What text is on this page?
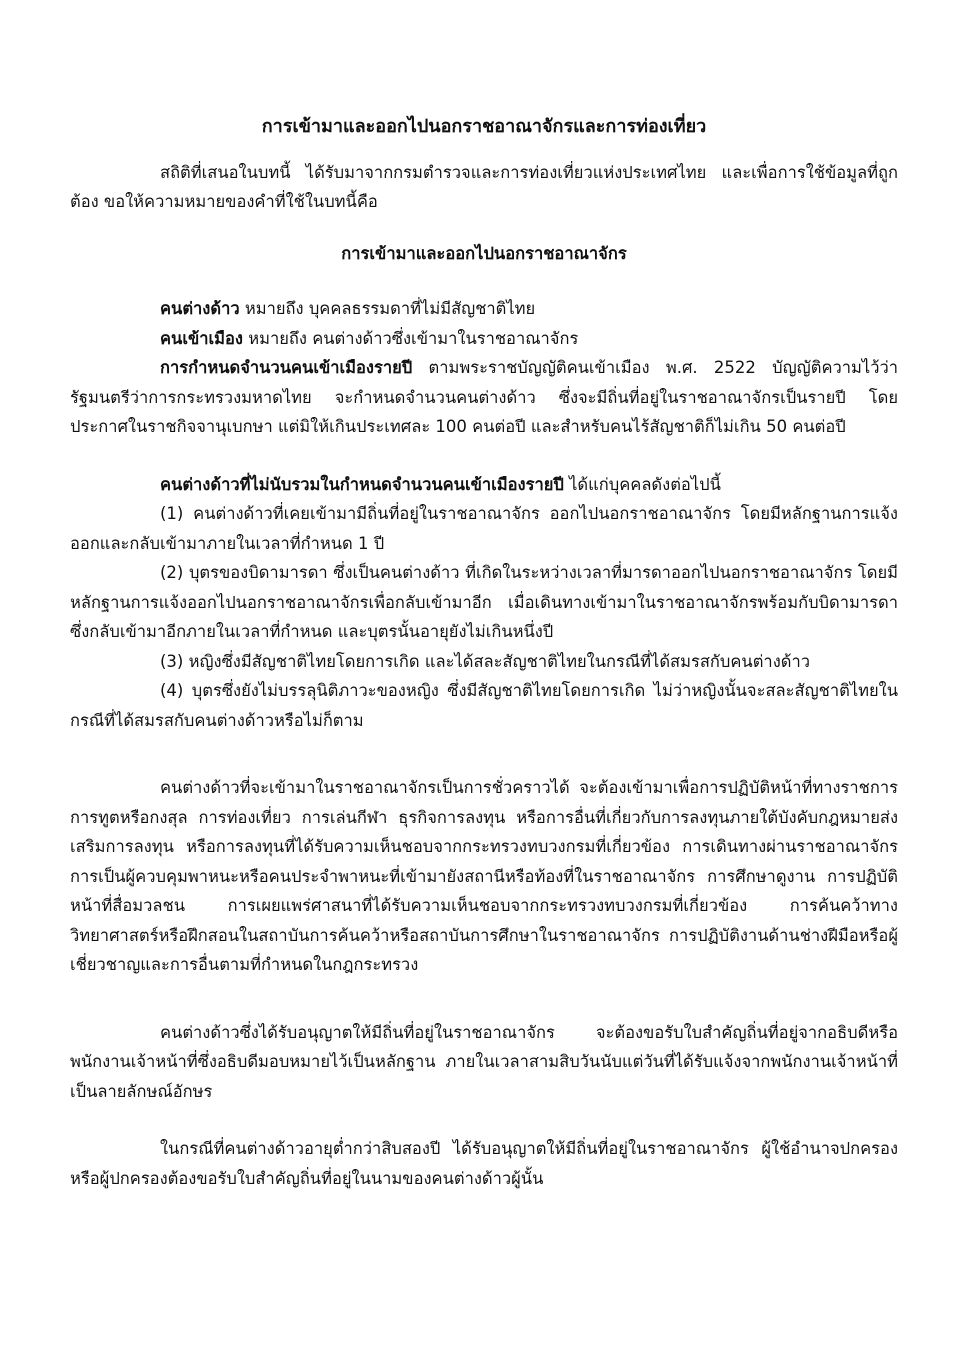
การเข้ามาและออกไปนอกราชอาณาจักรและการท่องเที่ยว

สถิติที่เสนอในบทนี้ ได้รับมาจากกรมตำรวจและการท่องเที่ยวแห่งประเทศไทย และเพื่อการใช้ข้อมูลที่ถูกต้อง ขอให้ความหมายของคำที่ใช้ในบทนี้คือ

การเข้ามาและออกไปนอกราชอาณาจักร

คนต่างด้าว หมายถึง บุคคลธรรมดาที่ไม่มีสัญชาติไทย

คนเข้าเมือง หมายถึง คนต่างด้าวซึ่งเข้ามาในราชอาณาจักร

การกำหนดจำนวนคนเข้าเมืองรายปี ตามพระราชบัญญัติคนเข้าเมือง พ.ศ. 2522 บัญญัติความไว้ว่า รัฐมนตรีว่าการกระทรวงมหาดไทย จะกำหนดจำนวนคนต่างด้าว ซึ่งจะมีถิ่นที่อยู่ในราชอาณาจักรเป็นรายปี โดยประกาศในราชกิจจานุเบกษา แต่มิให้เกินประเทศละ 100 คนต่อปี และสำหรับคนไร้สัญชาติก็ไม่เกิน 50 คนต่อปี

คนต่างด้าวที่ไม่นับรวมในกำหนดจำนวนคนเข้าเมืองรายปี ได้แก่บุคคลดังต่อไปนี้

(1) คนต่างด้าวที่เคยเข้ามามีถิ่นที่อยู่ในราชอาณาจักร ออกไปนอกราชอาณาจักร โดยมีหลักฐานการแจ้งออกและกลับเข้ามาภายในเวลาที่กำหนด 1 ปี

(2) บุตรของบิดามารดา ซึ่งเป็นคนต่างด้าว ที่เกิดในระหว่างเวลาที่มารดาออกไปนอกราชอาณาจักร โดยมีหลักฐานการแจ้งออกไปนอกราชอาณาจักรเพื่อกลับเข้ามาอีก เมื่อเดินทางเข้ามาในราชอาณาจักรพร้อมกับบิดามารดาซึ่งกลับเข้ามาอีกภายในเวลาที่กำหนด และบุตรนั้นอายุยังไม่เกินหนึ่งปี

(3) หญิงซึ่งมีสัญชาติไทยโดยการเกิด และได้สละสัญชาติไทยในกรณีที่ได้สมรสกับคนต่างด้าว

(4) บุตรซึ่งยังไม่บรรลุนิติภาวะของหญิง ซึ่งมีสัญชาติไทยโดยการเกิด ไม่ว่าหญิงนั้นจะสละสัญชาติไทยในกรณีที่ได้สมรสกับคนต่างด้าวหรือไม่ก็ตาม

คนต่างด้าวที่จะเข้ามาในราชอาณาจักรเป็นการชั่วคราวได้ จะต้องเข้ามาเพื่อการปฏิบัติหน้าที่ทางราชการการทูตหรือกงสุล การท่องเที่ยว การเล่นกีฬา ธุรกิจการลงทุน หรือการอื่นที่เกี่ยวกับการลงทุนภายใต้บังคับกฎหมายส่งเสริมการลงทุน หรือการลงทุนที่ได้รับความเห็นชอบจากกระทรวงทบวงกรมที่เกี่ยวข้อง การเดินทางผ่านราชอาณาจักร การเป็นผู้ควบคุมพาหนะหรือคนประจำพาหนะที่เข้ามายังสถานีหรือท้องที่ในราชอาณาจักร การศึกษาดูงาน การปฏิบัติหน้าที่สื่อมวลชน การเผยแพร่ศาสนาที่ได้รับความเห็นชอบจากกระทรวงทบวงกรมที่เกี่ยวข้อง การค้นคว้าทางวิทยาศาสตร์หรือฝึกสอนในสถาบันการค้นคว้าหรือสถาบันการศึกษาในราชอาณาจักร การปฏิบัติงานด้านช่างฝีมือหรือผู้เชี่ยวชาญและการอื่นตามที่กำหนดในกฎกระทรวง

คนต่างด้าวซึ่งได้รับอนุญาตให้มีถิ่นที่อยู่ในราชอาณาจักร จะต้องขอรับใบสำคัญถิ่นที่อยู่จากอธิบดีหรือพนักงานเจ้าหน้าที่ซึ่งอธิบดีมอบหมายไว้เป็นหลักฐาน ภายในเวลาสามสิบวันนับแต่วันที่ได้รับแจ้งจากพนักงานเจ้าหน้าที่เป็นลายลักษณ์อักษร

ในกรณีที่คนต่างด้าวอายุต่ำกว่าสิบสองปี ได้รับอนุญาตให้มีถิ่นที่อยู่ในราชอาณาจักร ผู้ใช้อำนาจปกครอง หรือผู้ปกครองต้องขอรับใบสำคัญถิ่นที่อยู่ในนามของคนต่างด้าวผู้นั้น
